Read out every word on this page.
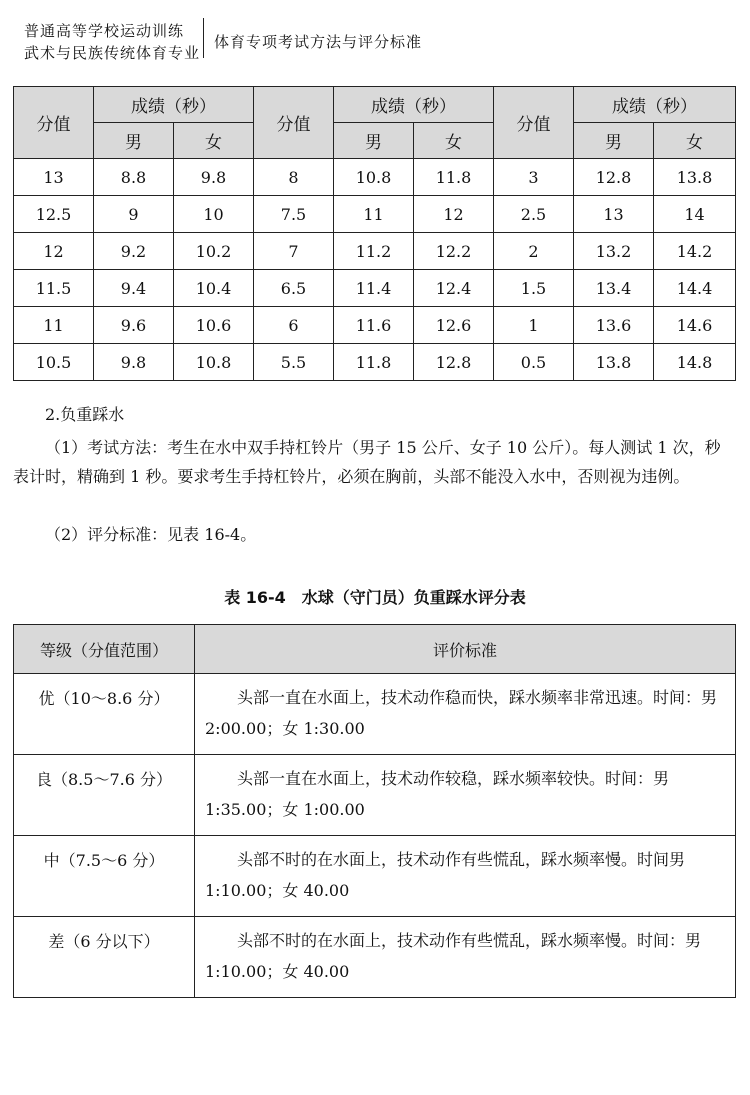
普通高等学校运动训练
武术与民族传统体育专业
体育专项考试方法与评分标准
分值	成绩（秒）		分值	成绩（秒）		分值	成绩（秒）	
	男	女		男	女		男	女
13	8.8	9.8	8	10.8	11.8	3	12.8	13.8
12.5	9	10	7.5	11	12	2.5	13	14
12	9.2	10.2	7	11.2	12.2	2	13.2	14.2
11.5	9.4	10.4	6.5	11.4	12.4	1.5	13.4	14.4
11	9.6	10.6	6	11.6	12.6	1	13.6	14.6
10.5	9.8	10.8	5.5	11.8	12.8	0.5	13.8	14.8
2.负重踩水
（1）考试方法：考生在水中双手持杠铃片（男子 15 公斤、女子 10 公斤）。每人测试 1 次，秒表计时，精确到 1 秒。要求考生手持杠铃片，必须在胸前，头部不能没入水中，否则视为违例。
（2）评分标准：见表 16-4。
表 16-4　水球（守门员）负重踩水评分表
等级（分值范围）	评价标准
优（10～8.6 分）	头部一直在水面上，技术动作稳而快，踩水频率非常迅速。时间：男 2:00.00；女 1:30.00
良（8.5～7.6 分）	头部一直在水面上，技术动作较稳，踩水频率较快。时间：男 1:35.00；女 1:00.00
中（7.5～6 分）	头部不时的在水面上，技术动作有些慌乱，踩水频率慢。时间男 1:10.00；女 40.00
差（6 分以下）	头部不时的在水面上，技术动作有些慌乱，踩水频率慢。时间：男 1:10.00；女 40.00
